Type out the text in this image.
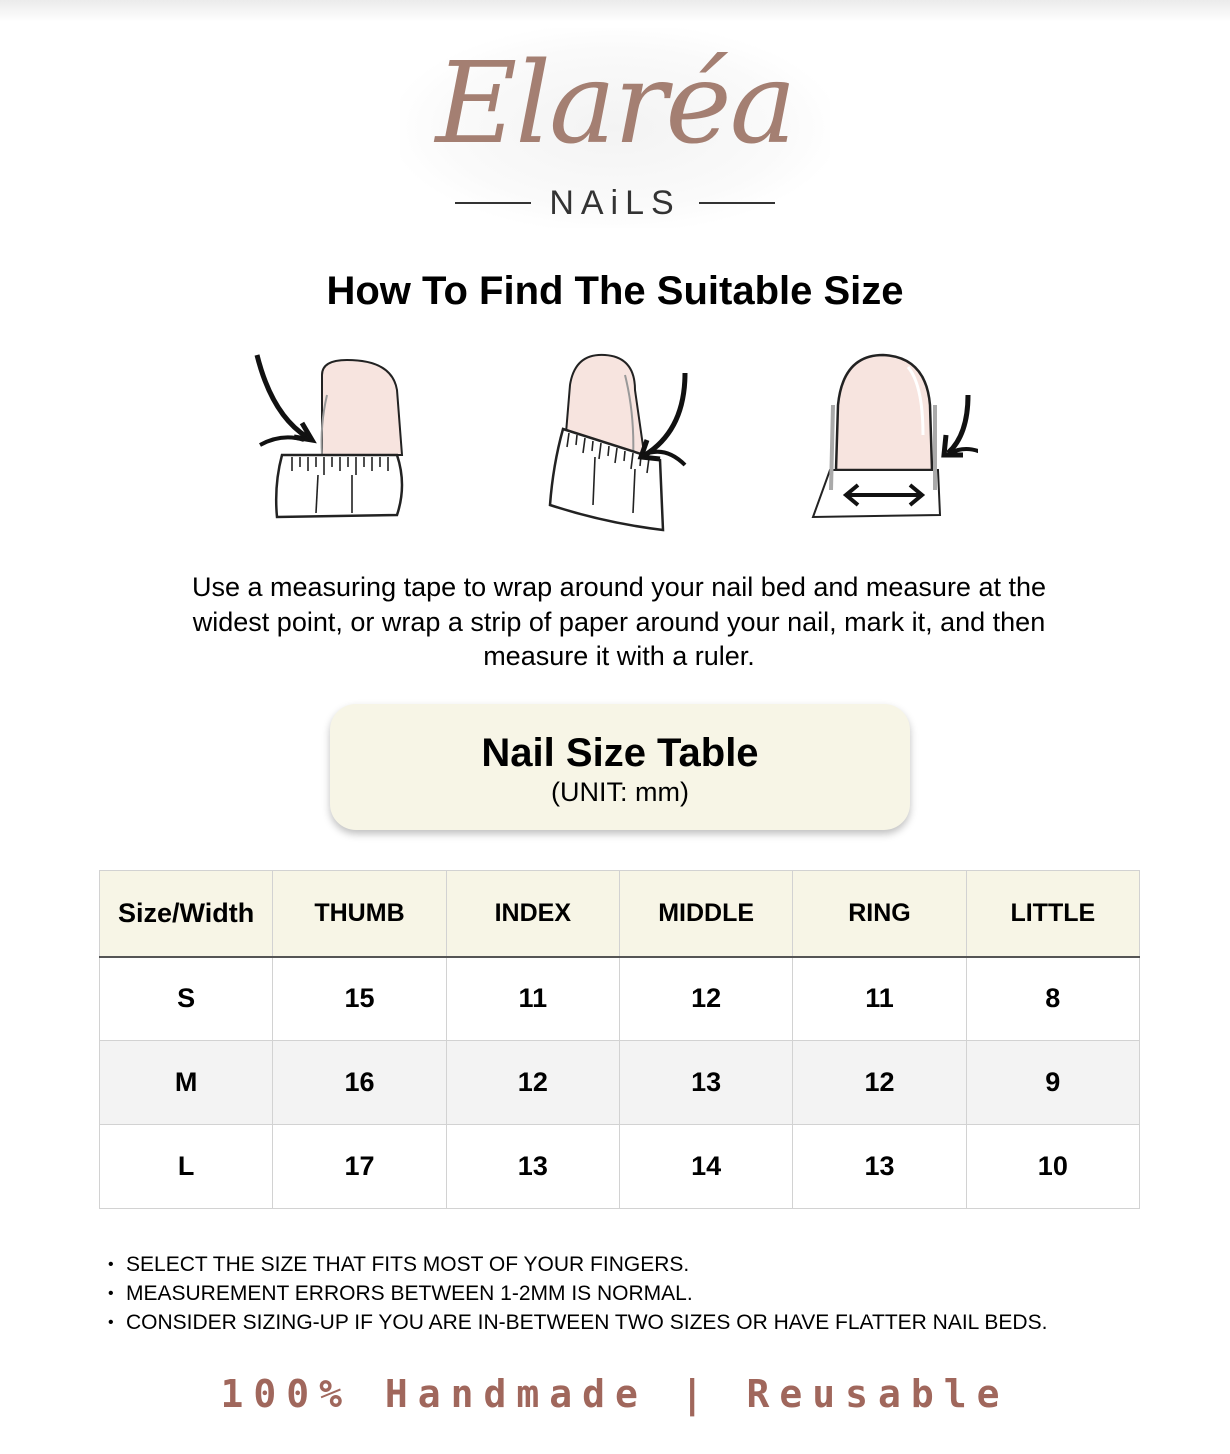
Elaréa
NAiLS
How To Find The Suitable Size

Use a measuring tape to wrap around your nail bed and measure at the widest point, or wrap a strip of paper around your nail, mark it, and then measure it with a ruler.

Nail Size Table
(UNIT: mm)
Size/Width	THUMB	INDEX	MIDDLE	RING	LITTLE
S	15	11	12	11	8
M	16	12	13	12	9
L	17	13	14	13	10
• SELECT THE SIZE THAT FITS MOST OF YOUR FINGERS.
• MEASUREMENT ERRORS BETWEEN 1-2MM IS NORMAL.
• CONSIDER SIZING-UP IF YOU ARE IN-BETWEEN TWO SIZES OR HAVE FLATTER NAIL BEDS.
100% Handmade | Reusable
